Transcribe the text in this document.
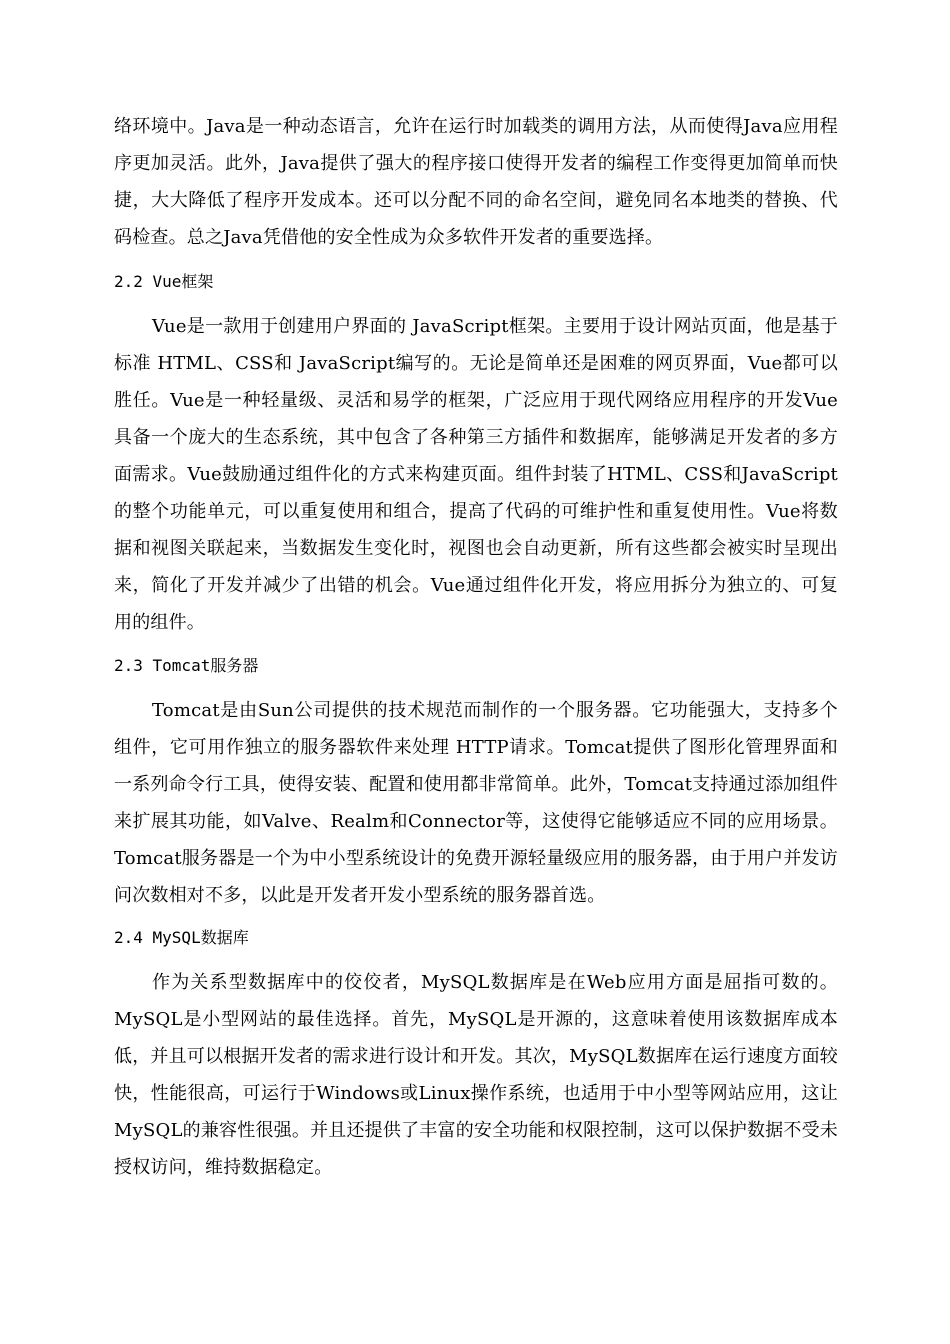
络环境中。Java是一种动态语言，允许在运行时加载类的调用方法，从而使得Java应用程序更加灵活。此外，Java提供了强大的程序接口使得开发者的编程工作变得更加简单而快捷，大大降低了程序开发成本。还可以分配不同的命名空间，避免同名本地类的替换、代码检查。总之Java凭借他的安全性成为众多软件开发者的重要选择。

2.2 Vue框架

Vue是一款用于创建用户界面的 JavaScript框架。主要用于设计网站页面，他是基于标准 HTML、CSS和 JavaScript编写的。无论是简单还是困难的网页界面，Vue都可以胜任。Vue是一种轻量级、灵活和易学的框架，广泛应用于现代网络应用程序的开发Vue具备一个庞大的生态系统，其中包含了各种第三方插件和数据库，能够满足开发者的多方面需求。Vue鼓励通过组件化的方式来构建页面。组件封装了HTML、CSS和JavaScript的整个功能单元，可以重复使用和组合，提高了代码的可维护性和重复使用性。Vue将数据和视图关联起来，当数据发生变化时，视图也会自动更新，所有这些都会被实时呈现出来，简化了开发并减少了出错的机会。Vue通过组件化开发，将应用拆分为独立的、可复用的组件。

2.3 Tomcat服务器

Tomcat是由Sun公司提供的技术规范而制作的一个服务器。它功能强大，支持多个组件，它可用作独立的服务器软件来处理 HTTP请求。Tomcat提供了图形化管理界面和一系列命令行工具，使得安装、配置和使用都非常简单。此外，Tomcat支持通过添加组件来扩展其功能，如Valve、Realm和Connector等，这使得它能够适应不同的应用场景。Tomcat服务器是一个为中小型系统设计的免费开源轻量级应用的服务器，由于用户并发访问次数相对不多，以此是开发者开发小型系统的服务器首选。

2.4 MySQL数据库

作为关系型数据库中的佼佼者，MySQL数据库是在Web应用方面是屈指可数的。MySQL是小型网站的最佳选择。首先，MySQL是开源的，这意味着使用该数据库成本低，并且可以根据开发者的需求进行设计和开发。其次，MySQL数据库在运行速度方面较快，性能很高，可运行于Windows或Linux操作系统，也适用于中小型等网站应用，这让MySQL的兼容性很强。并且还提供了丰富的安全功能和权限控制，这可以保护数据不受未授权访问，维持数据稳定。
